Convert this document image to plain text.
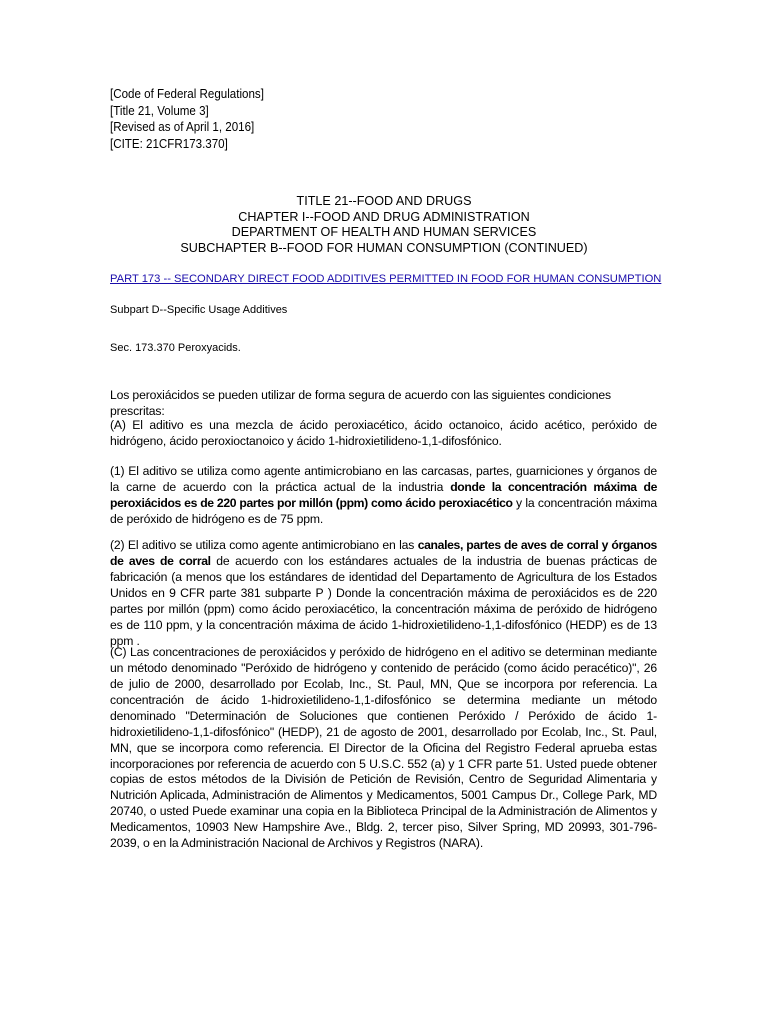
[Code of Federal Regulations]
[Title 21, Volume 3]
[Revised as of April 1, 2016]
[CITE: 21CFR173.370]
TITLE 21--FOOD AND DRUGS
CHAPTER I--FOOD AND DRUG ADMINISTRATION
DEPARTMENT OF HEALTH AND HUMAN SERVICES
SUBCHAPTER B--FOOD FOR HUMAN CONSUMPTION (CONTINUED)
PART 173 -- SECONDARY DIRECT FOOD ADDITIVES PERMITTED IN FOOD FOR HUMAN CONSUMPTION
Subpart D--Specific Usage Additives
Sec. 173.370 Peroxyacids.

Los peroxiácidos se pueden utilizar de forma segura de acuerdo con las siguientes condiciones prescritas:

(A) El aditivo es una mezcla de ácido peroxiacético, ácido octanoico, ácido acético, peróxido de hidrógeno, ácido peroxioctanoico y ácido 1-hidroxietilideno-1,1-difosfónico.

(1) El aditivo se utiliza como agente antimicrobiano en las carcasas, partes, guarniciones y órganos de la carne de acuerdo con la práctica actual de la industria donde la concentración máxima de peroxiácidos es de 220 partes por millón (ppm) como ácido peroxiacético y la concentración máxima de peróxido de hidrógeno es de 75 ppm.

(2) El aditivo se utiliza como agente antimicrobiano en las canales, partes de aves de corral y órganos de aves de corral de acuerdo con los estándares actuales de la industria de buenas prácticas de fabricación (a menos que los estándares de identidad del Departamento de Agricultura de los Estados Unidos en 9 CFR parte 381 subparte P ) Donde la concentración máxima de peroxiácidos es de 220 partes por millón (ppm) como ácido peroxiacético, la concentración máxima de peróxido de hidrógeno es de 110 ppm, y la concentración máxima de ácido 1-hidroxietilideno-1,1-difosfónico (HEDP) es de 13 ppm .

(C) Las concentraciones de peroxiácidos y peróxido de hidrógeno en el aditivo se determinan mediante un método denominado "Peróxido de hidrógeno y contenido de perácido (como ácido peracético)", 26 de julio de 2000, desarrollado por Ecolab, Inc., St. Paul, MN, Que se incorpora por referencia. La concentración de ácido 1-hidroxietilideno-1,1-difosfónico se determina mediante un método denominado "Determinación de Soluciones que contienen Peróxido / Peróxido de ácido 1-hidroxietilideno-1,1-difosfónico" (HEDP), 21 de agosto de 2001, desarrollado por Ecolab, Inc., St. Paul, MN, que se incorpora como referencia. El Director de la Oficina del Registro Federal aprueba estas incorporaciones por referencia de acuerdo con 5 U.S.C. 552 (a) y 1 CFR parte 51. Usted puede obtener copias de estos métodos de la División de Petición de Revisión, Centro de Seguridad Alimentaria y Nutrición Aplicada, Administración de Alimentos y Medicamentos, 5001 Campus Dr., College Park, MD 20740, o usted Puede examinar una copia en la Biblioteca Principal de la Administración de Alimentos y Medicamentos, 10903 New Hampshire Ave., Bldg. 2, tercer piso, Silver Spring, MD 20993, 301-796-2039, o en la Administración Nacional de Archivos y Registros (NARA).
